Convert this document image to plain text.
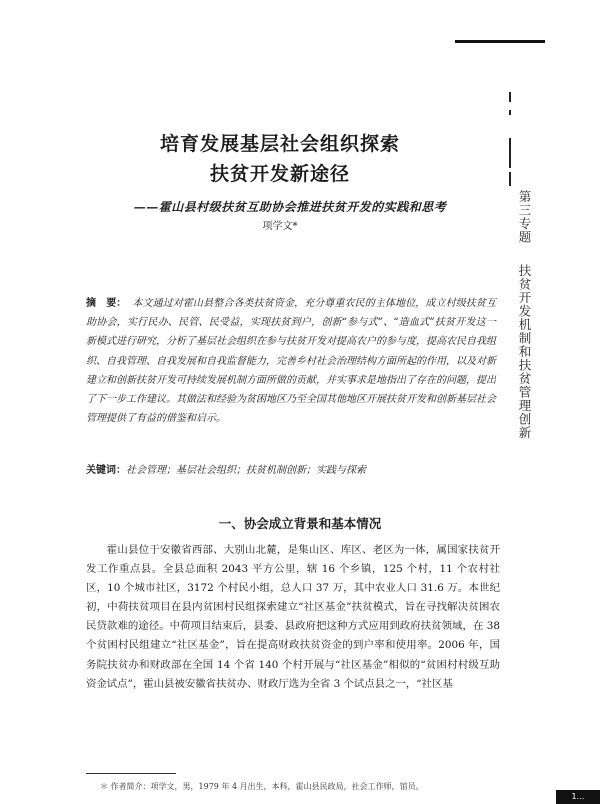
第三专题  扶贫开发机制和扶贫管理创新
培育发展基层社会组织探索
扶贫开发新途径
——霍山县村级扶贫互助协会推进扶贫开发的实践和思考
项学文*
摘　要： 本文通过对霍山县整合各类扶贫资金，充分尊重农民的主体地位，成立村级扶贫互助协会，实行民办、民管、民受益，实现扶贫到户，创新“参与式”、“造血式”扶贫开发这一新模式进行研究，分析了基层社会组织在参与扶贫开发对提高农户的参与度，提高农民自我组织、自我管理、自我发展和自我监督能力，完善乡村社会治理结构方面所起的作用，以及对新建立和创新扶贫开发可持续发展机制方面所做的贡献，并实事求是地指出了存在的问题，提出了下一步工作建议。其做法和经验为贫困地区乃至全国其他地区开展扶贫开发和创新基层社会管理提供了有益的借鉴和启示。
关键词：社会管理；基层社会组织；扶贫机制创新；实践与探索
一、协会成立背景和基本情况

霍山县位于安徽省西部、大别山北麓，是集山区、库区、老区为一体，属国家扶贫开发工作重点县。全县总面积 2043 平方公里，辖 16 个乡镇，125 个村，11 个农村社区，10 个城市社区，3172 个村民小组，总人口 37 万，其中农业人口 31.6 万。本世纪初，中荷扶贫项目在县内贫困村民组探索建立“社区基金”扶贫模式，旨在寻找解决贫困农民贷款难的途径。中荷项目结束后，县委、县政府把这种方式应用到政府扶贫领域，在 38 个贫困村民组建立“社区基金”，旨在提高财政扶贫资金的到户率和使用率。2006 年，国务院扶贫办和财政部在全国 14 个省 140 个村开展与“社区基金”相似的“贫困村村级互助资金试点”，霍山县被安徽省扶贫办、财政厅选为全省 3 个试点县之一，“社区基

＊ 作者简介：项学文，男，1979 年 4 月出生，本科，霍山县民政局，社会工作师，馆员。
1…
